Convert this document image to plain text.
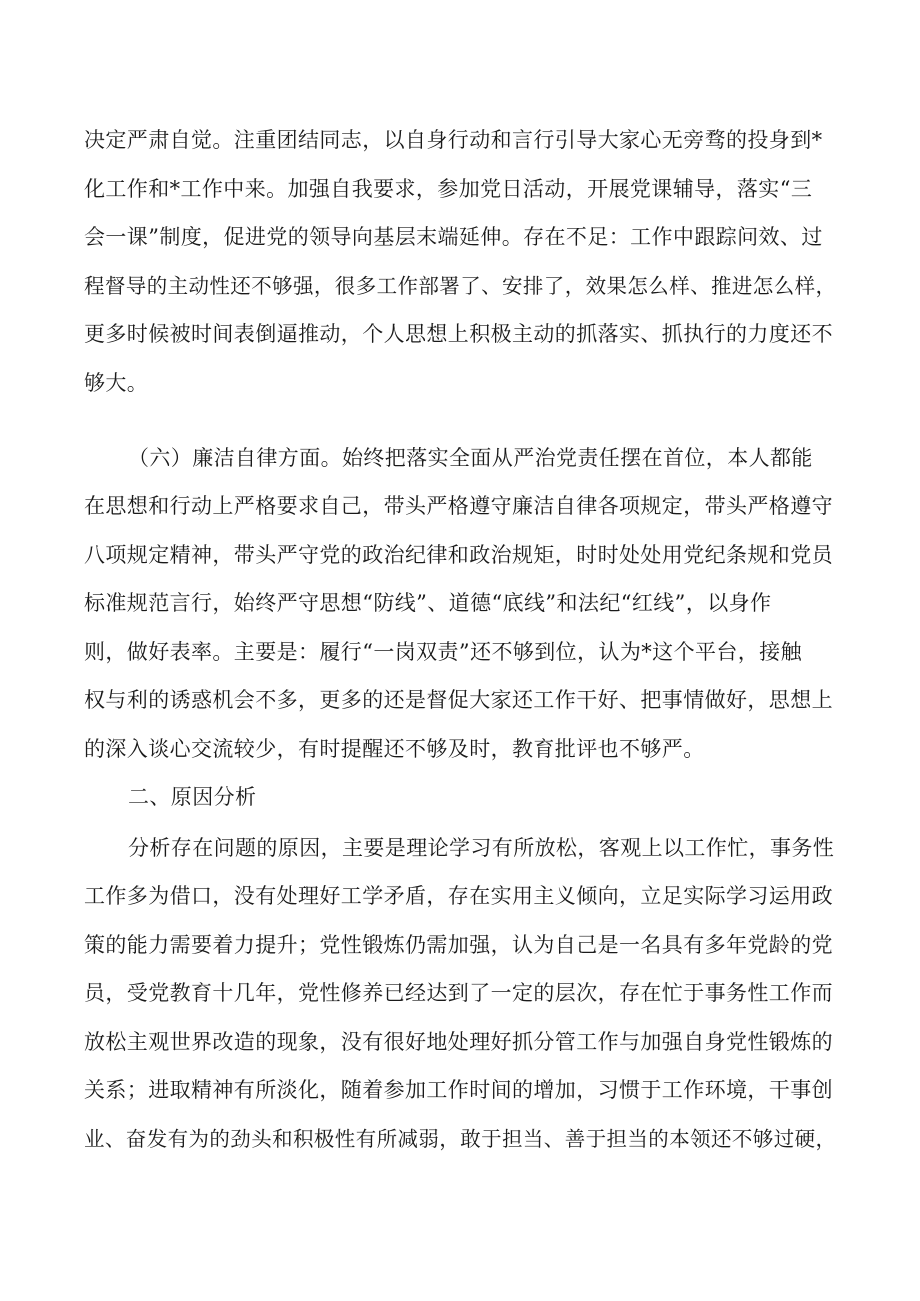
决定严肃自觉。注重团结同志，以自身行动和言行引导大家心无旁骛的投身到*

化工作和*工作中来。加强自我要求，参加党日活动，开展党课辅导，落实“三

会一课”制度，促进党的领导向基层末端延伸。存在不足：工作中跟踪问效、过

程督导的主动性还不够强，很多工作部署了、安排了，效果怎么样、推进怎么样，

更多时候被时间表倒逼推动，个人思想上积极主动的抓落实、抓执行的力度还不

够大。

（六）廉洁自律方面。始终把落实全面从严治党责任摆在首位，本人都能

在思想和行动上严格要求自己，带头严格遵守廉洁自律各项规定，带头严格遵守

八项规定精神，带头严守党的政治纪律和政治规矩，时时处处用党纪条规和党员

标准规范言行，始终严守思想“防线”、道德“底线”和法纪“红线”，以身作

则，做好表率。主要是：履行“一岗双责”还不够到位，认为*这个平台，接触

权与利的诱惑机会不多，更多的还是督促大家还工作干好、把事情做好，思想上

的深入谈心交流较少，有时提醒还不够及时，教育批评也不够严。

二、原因分析

分析存在问题的原因，主要是理论学习有所放松，客观上以工作忙，事务性

工作多为借口，没有处理好工学矛盾，存在实用主义倾向，立足实际学习运用政

策的能力需要着力提升；党性锻炼仍需加强，认为自己是一名具有多年党龄的党

员，受党教育十几年，党性修养已经达到了一定的层次，存在忙于事务性工作而

放松主观世界改造的现象，没有很好地处理好抓分管工作与加强自身党性锻炼的

关系；进取精神有所淡化，随着参加工作时间的增加，习惯于工作环境，干事创

业、奋发有为的劲头和积极性有所减弱，敢于担当、善于担当的本领还不够过硬，
